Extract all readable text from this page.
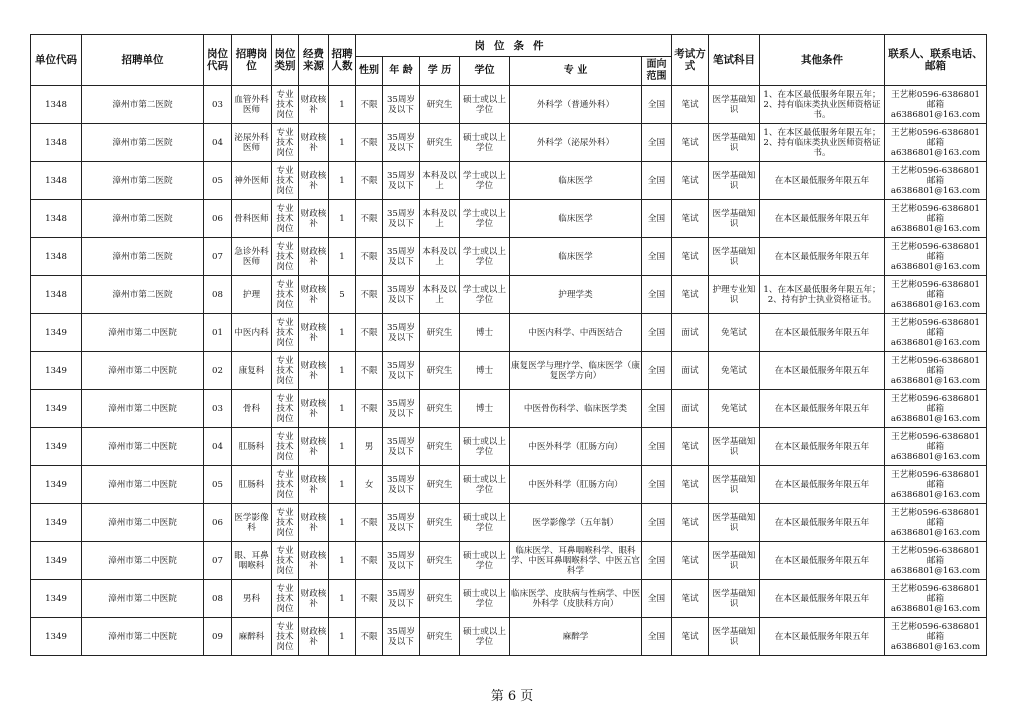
单位代码	招聘单位	岗位代码	招聘岗位	岗位类别	经费来源	招聘人数	岗位条件						考试方式	笔试科目	其他条件	联系人、联系电话、邮箱
							性别	年 龄	学 历	学位	专 业	面向范围				
1348	漳州市第二医院	03	血管外科医师	专业技术岗位	财政核补	1	不限	35周岁及以下	研究生	硕士或以上学位	外科学（普通外科）	全国	笔试	医学基础知识	1、在本区最低服务年限五年；2、持有临床类执业医师资格证书。	王艺彬0596-6386801
邮箱a6386801@163.com

1348	漳州市第二医院	04	泌尿外科医师	专业技术岗位	财政核补	1	不限	35周岁及以下	研究生	硕士或以上学位	外科学（泌尿外科）	全国	笔试	医学基础知识	1、在本区最低服务年限五年；2、持有临床类执业医师资格证书。	王艺彬0596-6386801
邮箱a6386801@163.com

1348	漳州市第二医院	05	神外医师	专业技术岗位	财政核补	1	不限	35周岁及以下	本科及以上	学士或以上学位	临床医学	全国	笔试	医学基础知识	在本区最低服务年限五年	王艺彬0596-6386801
邮箱a6386801@163.com

1348	漳州市第二医院	06	骨科医师	专业技术岗位	财政核补	1	不限	35周岁及以下	本科及以上	学士或以上学位	临床医学	全国	笔试	医学基础知识	在本区最低服务年限五年	王艺彬0596-6386801
邮箱a6386801@163.com

1348	漳州市第二医院	07	急诊外科医师	专业技术岗位	财政核补	1	不限	35周岁及以下	本科及以上	学士或以上学位	临床医学	全国	笔试	医学基础知识	在本区最低服务年限五年	王艺彬0596-6386801
邮箱a6386801@163.com

1348	漳州市第二医院	08	护理	专业技术岗位	财政核补	5	不限	35周岁及以下	本科及以上	学士或以上学位	护理学类	全国	笔试	护理专业知识	1、在本区最低服务年限五年；2、持有护士执业资格证书。	王艺彬0596-6386801
邮箱a6386801@163.com

1349	漳州市第二中医院	01	中医内科	专业技术岗位	财政核补	1	不限	35周岁及以下	研究生	博士	中医内科学、中西医结合	全国	面试	免笔试	在本区最低服务年限五年	王艺彬0596-6386801
邮箱a6386801@163.com

1349	漳州市第二中医院	02	康复科	专业技术岗位	财政核补	1	不限	35周岁及以下	研究生	博士	康复医学与理疗学、临床医学（康复医学方向）	全国	面试	免笔试	在本区最低服务年限五年	王艺彬0596-6386801
邮箱a6386801@163.com

1349	漳州市第二中医院	03	骨科	专业技术岗位	财政核补	1	不限	35周岁及以下	研究生	博士	中医骨伤科学、临床医学类	全国	面试	免笔试	在本区最低服务年限五年	王艺彬0596-6386801
邮箱a6386801@163.com

1349	漳州市第二中医院	04	肛肠科	专业技术岗位	财政核补	1	男	35周岁及以下	研究生	硕士或以上学位	中医外科学（肛肠方向）	全国	笔试	医学基础知识	在本区最低服务年限五年	王艺彬0596-6386801
邮箱a6386801@163.com

1349	漳州市第二中医院	05	肛肠科	专业技术岗位	财政核补	1	女	35周岁及以下	研究生	硕士或以上学位	中医外科学（肛肠方向）	全国	笔试	医学基础知识	在本区最低服务年限五年	王艺彬0596-6386801
邮箱a6386801@163.com

1349	漳州市第二中医院	06	医学影像科	专业技术岗位	财政核补	1	不限	35周岁及以下	研究生	硕士或以上学位	医学影像学（五年制）	全国	笔试	医学基础知识	在本区最低服务年限五年	王艺彬0596-6386801
邮箱a6386801@163.com

1349	漳州市第二中医院	07	眼、耳鼻咽喉科	专业技术岗位	财政核补	1	不限	35周岁及以下	研究生	硕士或以上学位	临床医学、耳鼻咽喉科学、眼科学、中医耳鼻咽喉科学、中医五官科学	全国	笔试	医学基础知识	在本区最低服务年限五年	王艺彬0596-6386801
邮箱a6386801@163.com

1349	漳州市第二中医院	08	男科	专业技术岗位	财政核补	1	不限	35周岁及以下	研究生	硕士或以上学位	临床医学、皮肤病与性病学、中医外科学（皮肤科方向）	全国	笔试	医学基础知识	在本区最低服务年限五年	王艺彬0596-6386801
邮箱a6386801@163.com

1349	漳州市第二中医院	09	麻醉科	专业技术岗位	财政核补	1	不限	35周岁及以下	研究生	硕士或以上学位	麻醉学	全国	笔试	医学基础知识	在本区最低服务年限五年	王艺彬0596-6386801
邮箱a6386801@163.com
第 6 页
